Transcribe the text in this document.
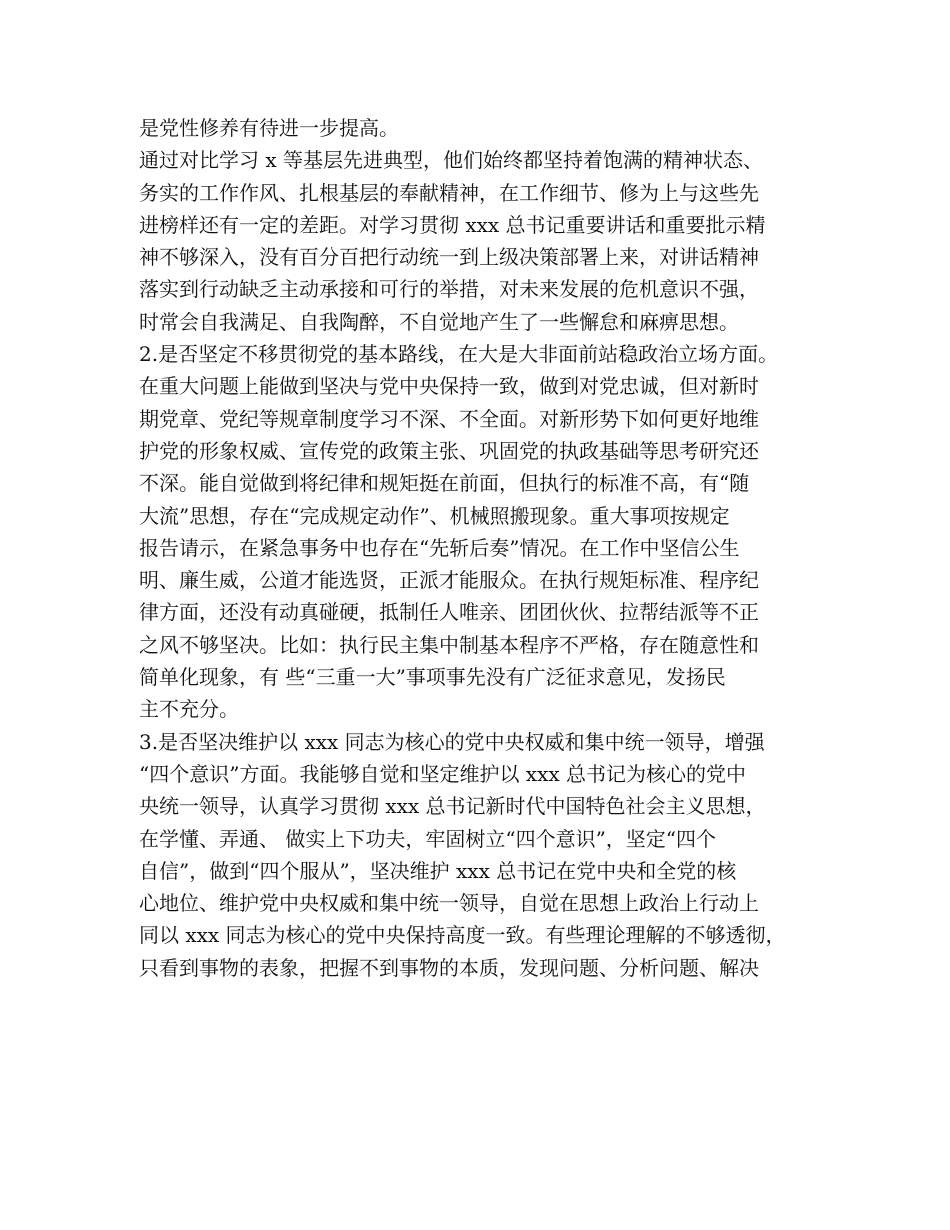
是党性修养有待进一步提高。
通过对比学习 x 等基层先进典型，他们始终都坚持着饱满的精神状态、
务实的工作作风、扎根基层的奉献精神，在工作细节、修为上与这些先
进榜样还有一定的差距。对学习贯彻 xxx 总书记重要讲话和重要批示精
神不够深入，没有百分百把行动统一到上级决策部署上来，对讲话精神
落实到行动缺乏主动承接和可行的举措，对未来发展的危机意识不强，
时常会自我满足、自我陶醉，不自觉地产生了一些懈怠和麻痹思想。
2.是否坚定不移贯彻党的基本路线，在大是大非面前站稳政治立场方面。
在重大问题上能做到坚决与党中央保持一致，做到对党忠诚，但对新时
期党章、党纪等规章制度学习不深、不全面。对新形势下如何更好地维
护党的形象权威、宣传党的政策主张、巩固党的执政基础等思考研究还
不深。能自觉做到将纪律和规矩挺在前面，但执行的标准不高，有“随
大流”思想，存在“完成规定动作”、机械照搬现象。重大事项按规定
报告请示，在紧急事务中也存在“先斩后奏”情况。在工作中坚信公生
明、廉生威，公道才能选贤，正派才能服众。在执行规矩标准、程序纪
律方面，还没有动真碰硬，抵制任人唯亲、团团伙伙、拉帮结派等不正
之风不够坚决。比如：执行民主集中制基本程序不严格，存在随意性和
简单化现象，有 些“三重一大”事项事先没有广泛征求意见，发扬民
主不充分。
3.是否坚决维护以 xxx 同志为核心的党中央权威和集中统一领导，增强
“四个意识”方面。我能够自觉和坚定维护以 xxx 总书记为核心的党中
央统一领导，认真学习贯彻 xxx 总书记新时代中国特色社会主义思想，
在学懂、弄通、 做实上下功夫，牢固树立“四个意识”，坚定“四个
自信”，做到“四个服从”，坚决维护 xxx 总书记在党中央和全党的核
心地位、维护党中央权威和集中统一领导，自觉在思想上政治上行动上
同以 xxx 同志为核心的党中央保持高度一致。有些理论理解的不够透彻，
只看到事物的表象，把握不到事物的本质，发现问题、分析问题、解决
